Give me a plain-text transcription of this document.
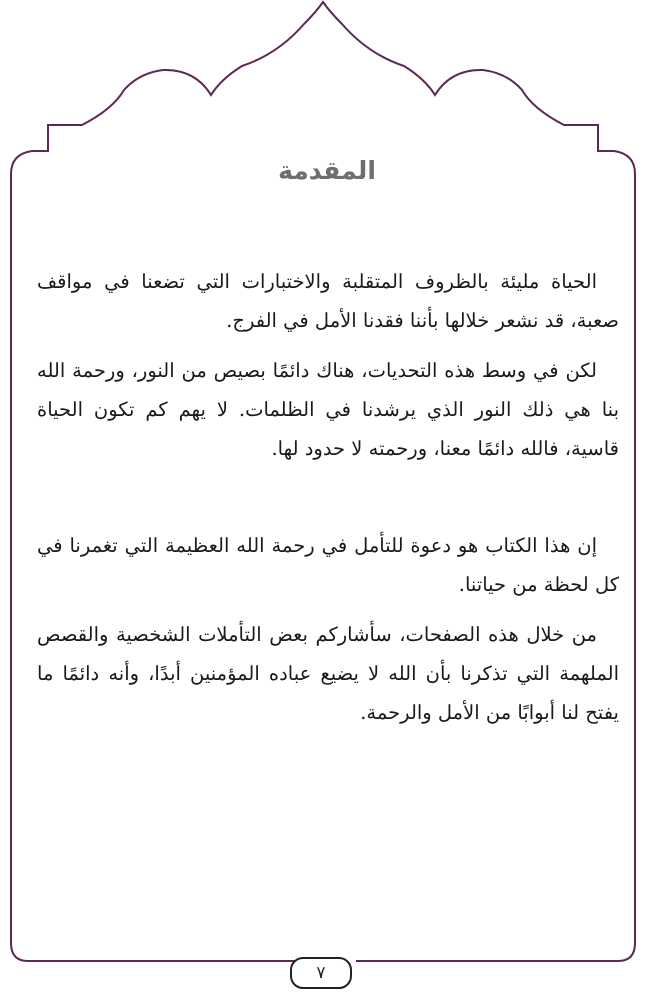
المقدمة

الحياة مليئة بالظروف المتقلبة والاختبارات التي تضعنا في مواقف صعبة، قد نشعر خلالها بأننا فقدنا الأمل في الفرج.

لكن في وسط هذه التحديات، هناك دائمًا بصيص من النور، ورحمة الله بنا هي ذلك النور الذي يرشدنا في الظلمات. لا يهم كم تكون الحياة قاسية، فالله دائمًا معنا، ورحمته لا حدود لها.

إن هذا الكتاب هو دعوة للتأمل في رحمة الله العظيمة التي تغمرنا في كل لحظة من حياتنا.

من خلال هذه الصفحات، سأشاركم بعض التأملات الشخصية والقصص الملهمة التي تذكرنا بأن الله لا يضيع عباده المؤمنين أبدًا، وأنه دائمًا ما يفتح لنا أبوابًا من الأمل والرحمة.

٧
